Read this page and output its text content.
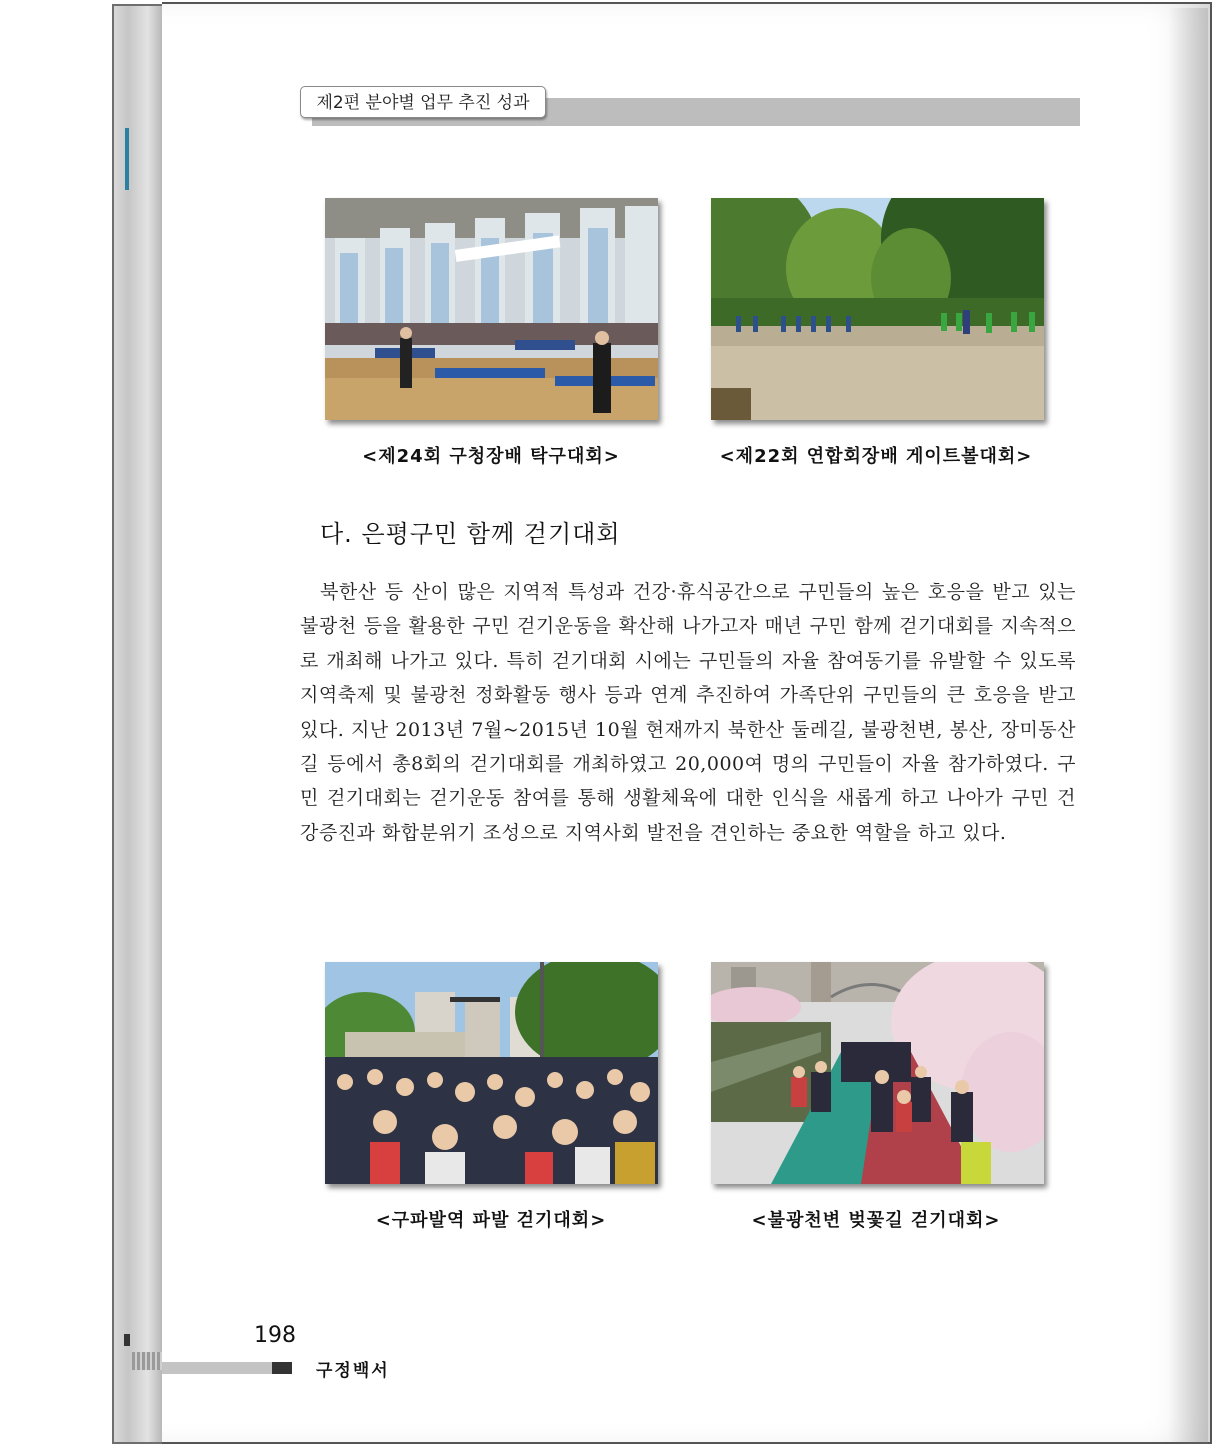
제2편 분야별 업무 추진 성과
<제24회 구청장배 탁구대회>	<제22회 연합회장배 게이트볼대회>
다. 은평구민 함께 걷기대회

북한산 등 산이 많은 지역적 특성과 건강·휴식공간으로 구민들의 높은 호응을 받고 있는 불광천 등을 활용한 구민 걷기운동을 확산해 나가고자 매년 구민 함께 걷기대회를 지속적으로 개최해 나가고 있다. 특히 걷기대회 시에는 구민들의 자율 참여동기를 유발할 수 있도록 지역축제 및 불광천 정화활동 행사 등과 연계 추진하여 가족단위 구민들의 큰 호응을 받고 있다. 지난 2013년 7월~2015년 10월 현재까지 북한산 둘레길, 불광천변, 봉산, 장미동산 길 등에서 총8회의 걷기대회를 개최하였고 20,000여 명의 구민들이 자율 참가하였다. 구민 걷기대회는 걷기운동 참여를 통해 생활체육에 대한 인식을 새롭게 하고 나아가 구민 건강증진과 화합분위기 조성으로 지역사회 발전을 견인하는 중요한 역할을 하고 있다.

<구파발역 파발 걷기대회>	<불광천변 벚꽃길 걷기대회>
198
구정백서
